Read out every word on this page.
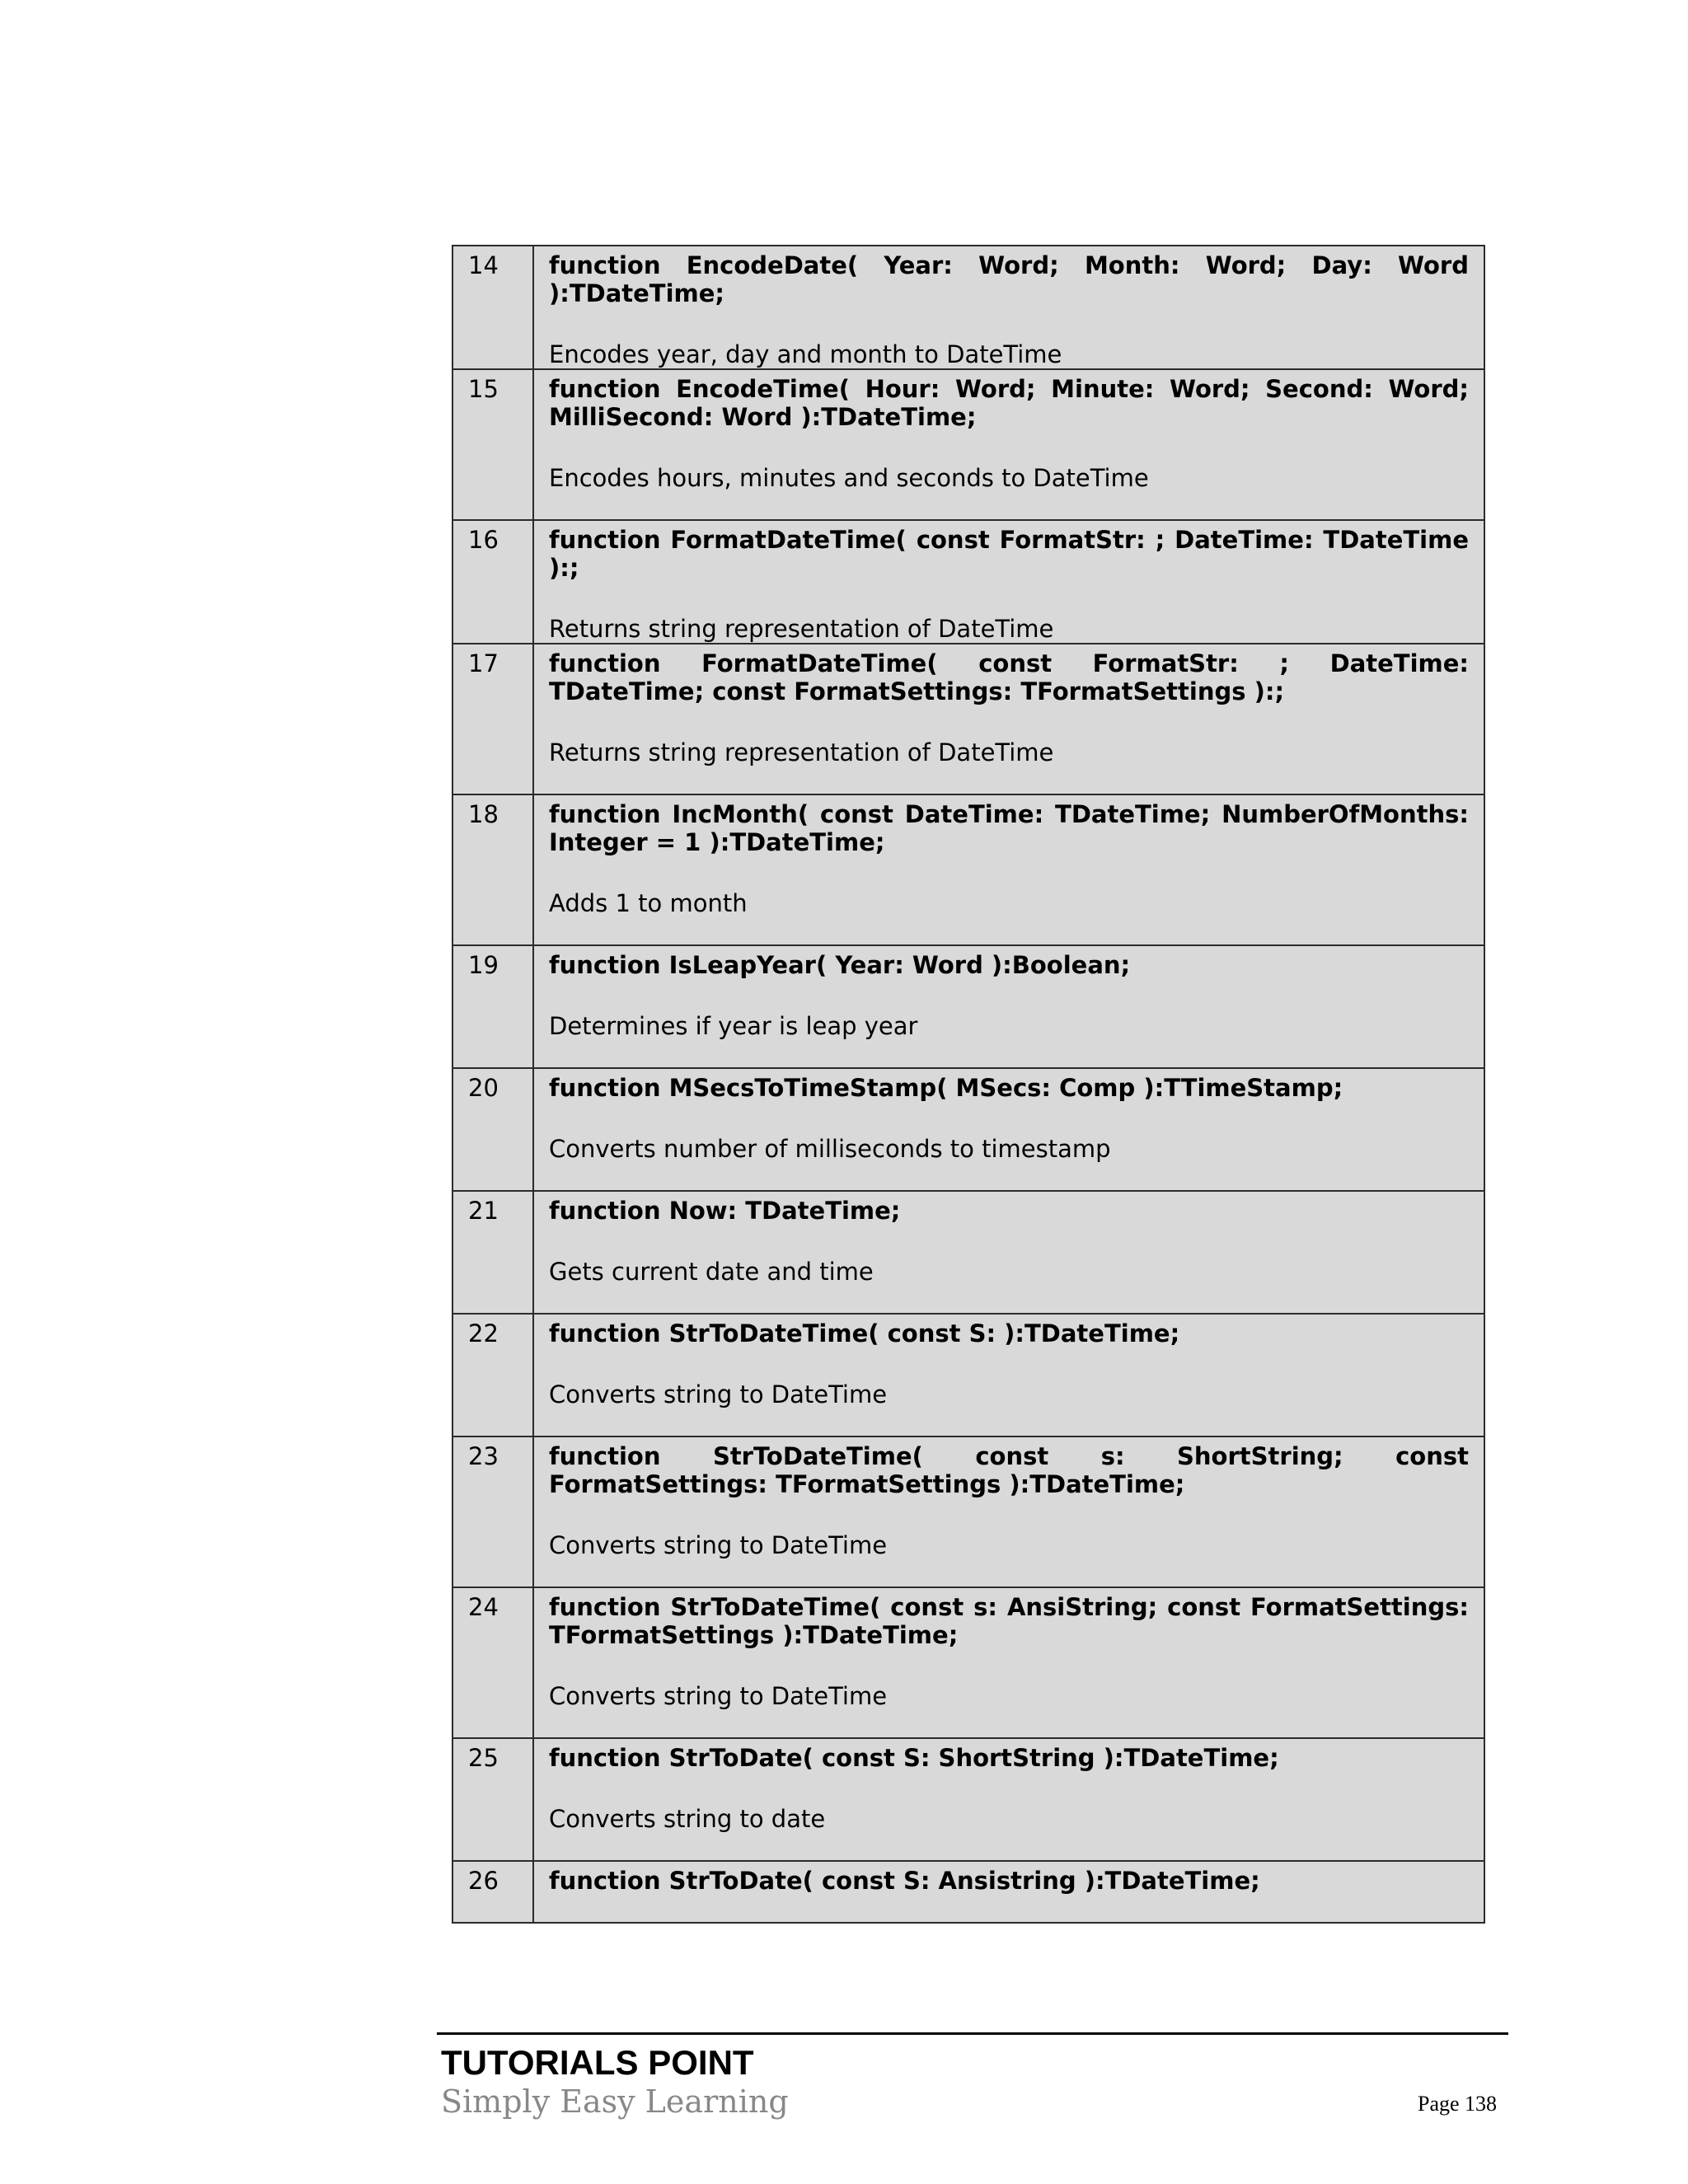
14	function EncodeDate( Year: Word; Month: Word; Day: Word ):TDateTime;
Encodes year, day and month to DateTime

15	function EncodeTime( Hour: Word; Minute: Word; Second: Word; MilliSecond: Word ):TDateTime;
Encodes hours, minutes and seconds to DateTime

16	function FormatDateTime( const FormatStr: ; DateTime: TDateTime ):;
Returns string representation of DateTime

17	function FormatDateTime( const FormatStr: ; DateTime: TDateTime; const FormatSettings: TFormatSettings ):;
Returns string representation of DateTime

18	function IncMonth( const DateTime: TDateTime; NumberOfMonths: Integer = 1 ):TDateTime;
Adds 1 to month

19	function IsLeapYear( Year: Word ):Boolean;
Determines if year is leap year

20	function MSecsToTimeStamp( MSecs: Comp ):TTimeStamp;
Converts number of milliseconds to timestamp

21	function Now: TDateTime;
Gets current date and time

22	function StrToDateTime( const S: ):TDateTime;
Converts string to DateTime

23	function StrToDateTime( const s: ShortString; const FormatSettings: TFormatSettings ):TDateTime;
Converts string to DateTime

24	function StrToDateTime( const s: AnsiString; const FormatSettings: TFormatSettings ):TDateTime;
Converts string to DateTime

25	function StrToDate( const S: ShortString ):TDateTime;
Converts string to date

26	function StrToDate( const S: Ansistring ):TDateTime;
TUTORIALS POINT
Simply Easy Learning	Page 138
